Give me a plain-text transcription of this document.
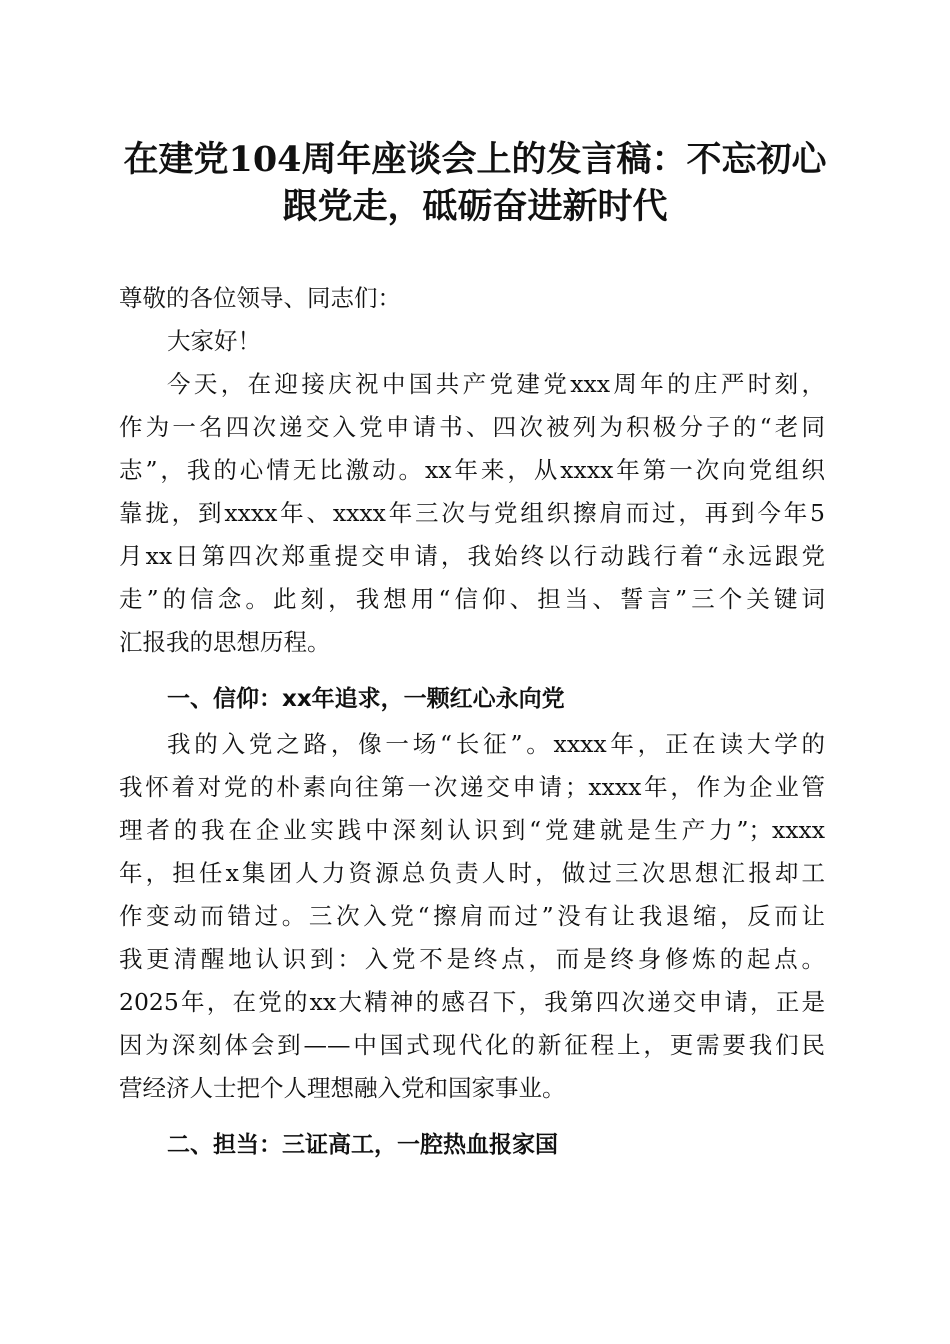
在建党104周年座谈会上的发言稿：不忘初心
跟党走，砥砺奋进新时代
尊敬的各位领导、同志们：
大家好！
今天，在迎接庆祝中国共产党建党xxx周年的庄严时刻，
作为一名四次递交入党申请书、四次被列为积极分子的“老同
志”，我的心情无比激动。xx年来，从xxxx年第一次向党组织
靠拢，到xxxx年、xxxx年三次与党组织擦肩而过，再到今年5
月xx日第四次郑重提交申请，我始终以行动践行着“永远跟党
走”的信念。此刻，我想用“信仰、担当、誓言”三个关键词
汇报我的思想历程。
一、信仰：xx年追求，一颗红心永向党
我的入党之路，像一场“长征”。xxxx年，正在读大学的
我怀着对党的朴素向往第一次递交申请；xxxx年，作为企业管
理者的我在企业实践中深刻认识到“党建就是生产力”；xxxx
年，担任x集团人力资源总负责人时，做过三次思想汇报却工
作变动而错过。三次入党“擦肩而过”没有让我退缩，反而让
我更清醒地认识到：入党不是终点，而是终身修炼的起点。
2025年，在党的xx大精神的感召下，我第四次递交申请，正是
因为深刻体会到——中国式现代化的新征程上，更需要我们民
营经济人士把个人理想融入党和国家事业。
二、担当：三证高工，一腔热血报家国
